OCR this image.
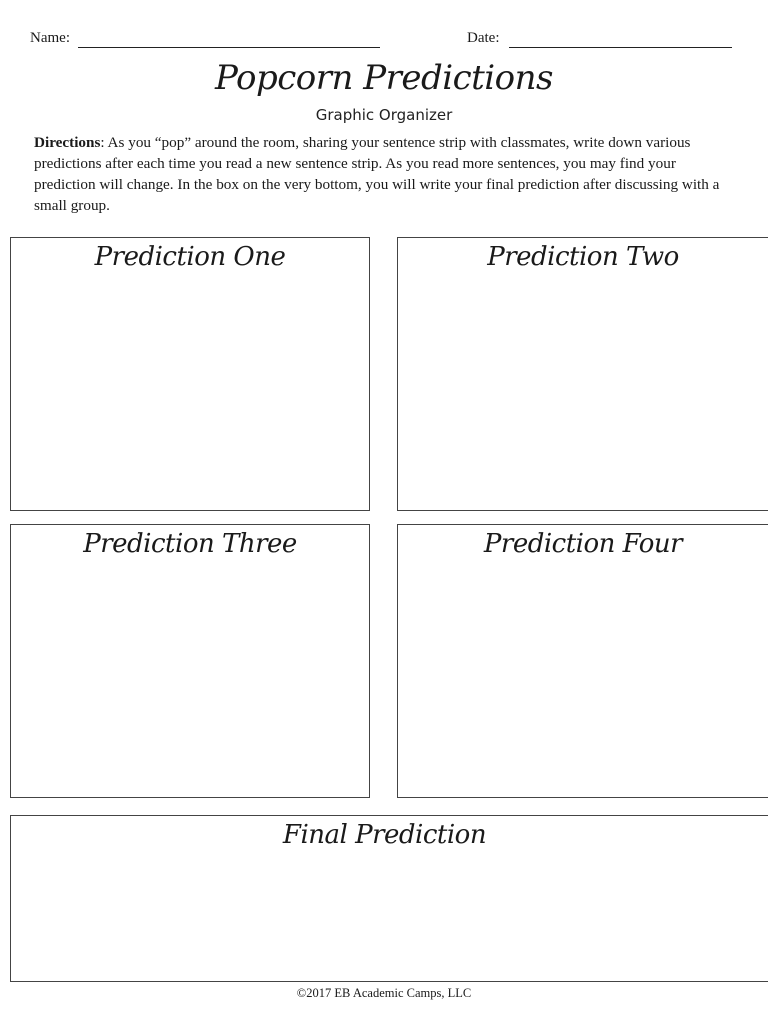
Name:	Date:
Popcorn Predictions
Graphic Organizer
Directions: As you “pop” around the room, sharing your sentence strip with classmates, write down various predictions after each time you read a new sentence strip. As you read more sentences, you may find your prediction will change. In the box on the very bottom, you will write your final prediction after discussing with a small group.
Prediction One	Prediction Two
Prediction Three	Prediction Four
Final Prediction
©2017 EB Academic Camps, LLC
